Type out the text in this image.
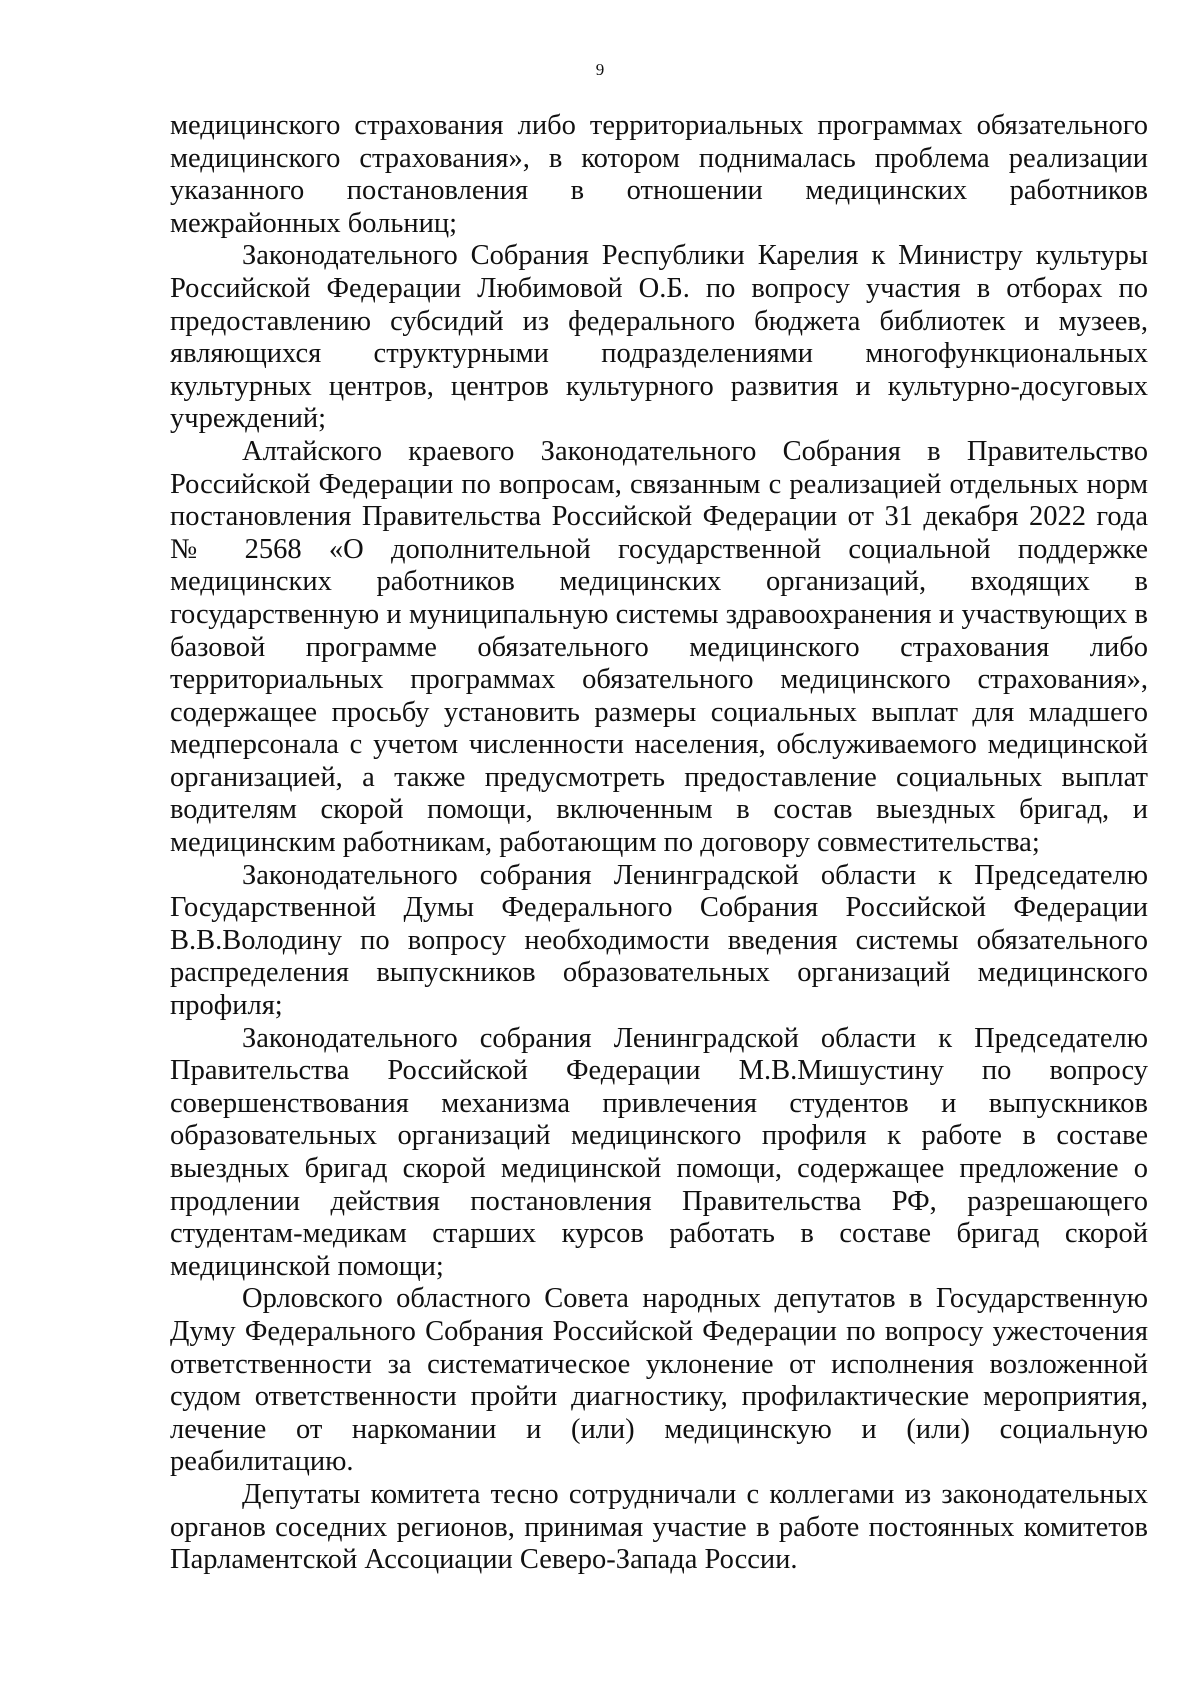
9

медицинского страхования либо территориальных программах обязательного медицинского страхования», в котором поднималась проблема реализации указанного постановления в отношении медицинских работников межрайонных больниц;

Законодательного Собрания Республики Карелия к Министру культуры Российской Федерации Любимовой О.Б. по вопросу участия в отборах по предоставлению субсидий из федерального бюджета библиотек и музеев, являющихся структурными подразделениями многофункциональных культурных центров, центров культурного развития и культурно-досуговых учреждений;

Алтайского краевого Законодательного Собрания в Правительство Российской Федерации по вопросам, связанным с реализацией отдельных норм постановления Правительства Российской Федерации от 31 декабря 2022 года № 2568 «О дополнительной государственной социальной поддержке медицинских работников медицинских организаций, входящих в государственную и муниципальную системы здравоохранения и участвующих в базовой программе обязательного медицинского страхования либо территориальных программах обязательного медицинского страхования», содержащее просьбу установить размеры социальных выплат для младшего медперсонала с учетом численности населения, обслуживаемого медицинской организацией, а также предусмотреть предоставление социальных выплат водителям скорой помощи, включенным в состав выездных бригад, и медицинским работникам, работающим по договору совместительства;

Законодательного собрания Ленинградской области к Председателю Государственной Думы Федерального Собрания Российской Федерации В.В.Володину по вопросу необходимости введения системы обязательного распределения выпускников образовательных организаций медицинского профиля;

Законодательного собрания Ленинградской области к Председателю Правительства Российской Федерации М.В.Мишустину по вопросу совершенствования механизма привлечения студентов и выпускников образовательных организаций медицинского профиля к работе в составе выездных бригад скорой медицинской помощи, содержащее предложение о продлении действия постановления Правительства РФ, разрешающего студентам-медикам старших курсов работать в составе бригад скорой медицинской помощи;

Орловского областного Совета народных депутатов в Государственную Думу Федерального Собрания Российской Федерации по вопросу ужесточения ответственности за систематическое уклонение от исполнения возложенной судом ответственности пройти диагностику, профилактические мероприятия, лечение от наркомании и (или) медицинскую и (или) социальную реабилитацию.

Депутаты комитета тесно сотрудничали с коллегами из законодательных органов соседних регионов, принимая участие в работе постоянных комитетов Парламентской Ассоциации Северо-Запада России.
